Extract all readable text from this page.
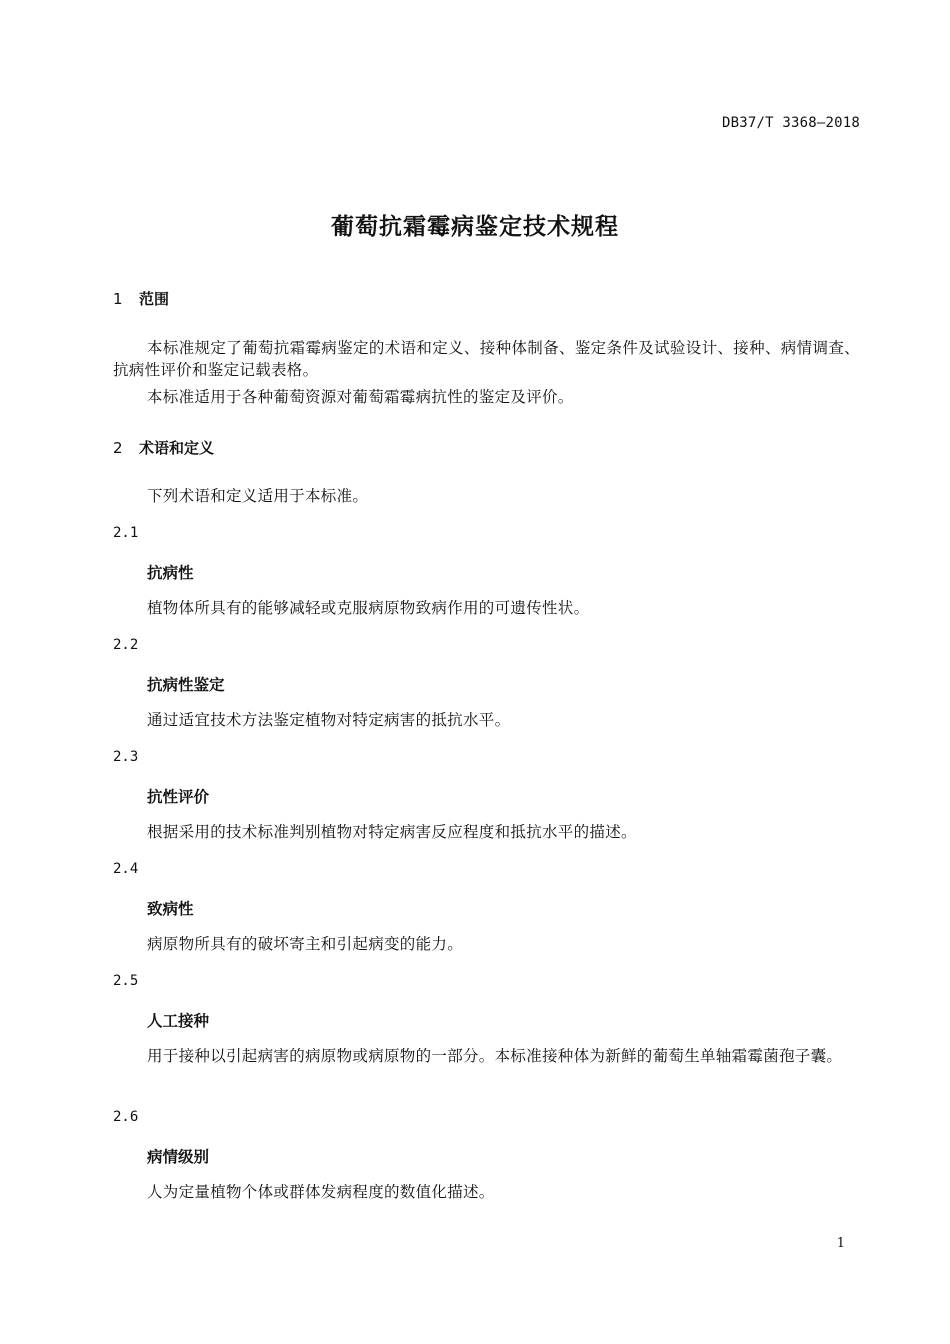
DB37/T 3368—2018
葡萄抗霜霉病鉴定技术规程
1 范围
本标准规定了葡萄抗霜霉病鉴定的术语和定义、接种体制备、鉴定条件及试验设计、接种、病情调查、抗病性评价和鉴定记载表格。
本标准适用于各种葡萄资源对葡萄霜霉病抗性的鉴定及评价。
2 术语和定义
下列术语和定义适用于本标准。
2.1
抗病性
植物体所具有的能够减轻或克服病原物致病作用的可遗传性状。
2.2
抗病性鉴定
通过适宜技术方法鉴定植物对特定病害的抵抗水平。
2.3
抗性评价
根据采用的技术标准判别植物对特定病害反应程度和抵抗水平的描述。
2.4
致病性
病原物所具有的破坏寄主和引起病变的能力。
2.5
人工接种
用于接种以引起病害的病原物或病原物的一部分。本标准接种体为新鲜的葡萄生单轴霜霉菌孢子囊。
2.6
病情级别
人为定量植物个体或群体发病程度的数值化描述。
1
